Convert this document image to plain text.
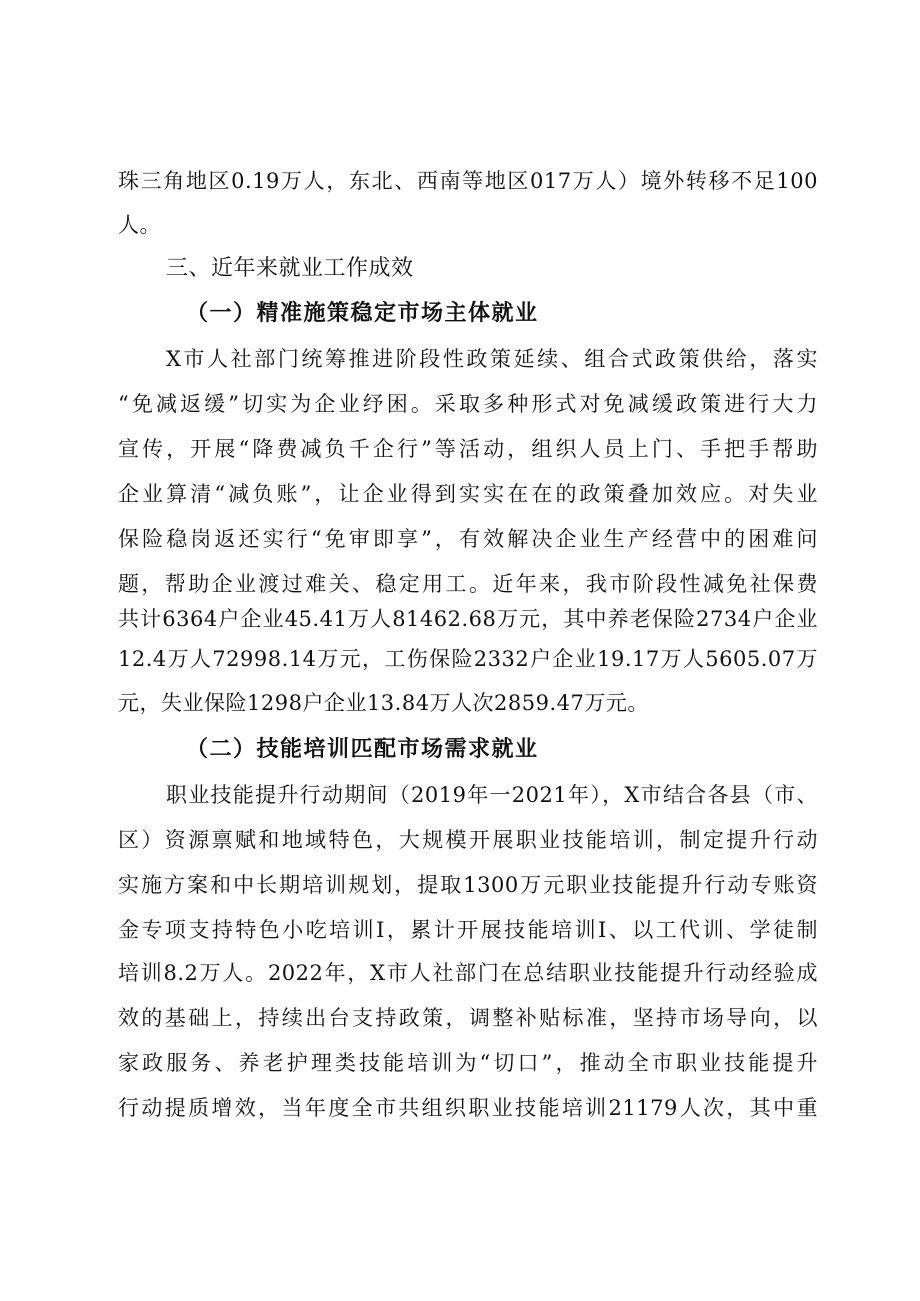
珠三角地区0.19万人，东北、西南等地区017万人）境外转移不足100
人。
三、近年来就业工作成效
（一）精准施策稳定市场主体就业
X市人社部门统筹推进阶段性政策延续、组合式政策供给，落实
“免减返缓”切实为企业纾困。采取多种形式对免减缓政策进行大力
宣传，开展“降费减负千企行”等活动，组织人员上门、手把手帮助
企业算清“减负账”，让企业得到实实在在的政策叠加效应。对失业
保险稳岗返还实行“免审即享”，有效解决企业生产经营中的困难问
题，帮助企业渡过难关、稳定用工。近年来，我市阶段性减免社保费
共计6364户企业45.41万人81462.68万元，其中养老保险2734户企业
12.4万人72998.14万元，工伤保险2332户企业19.17万人5605.07万
元，失业保险1298户企业13.84万人次2859.47万元。
（二）技能培训匹配市场需求就业
职业技能提升行动期间（2019年一2021年），X市结合各县（市、
区）资源禀赋和地域特色，大规模开展职业技能培训，制定提升行动
实施方案和中长期培训规划，提取1300万元职业技能提升行动专账资
金专项支持特色小吃培训I，累计开展技能培训I、以工代训、学徒制
培训8.2万人。2022年，X市人社部门在总结职业技能提升行动经验成
效的基础上，持续出台支持政策，调整补贴标准，坚持市场导向，以
家政服务、养老护理类技能培训为“切口”，推动全市职业技能提升
行动提质增效，当年度全市共组织职业技能培训21179人次，其中重
